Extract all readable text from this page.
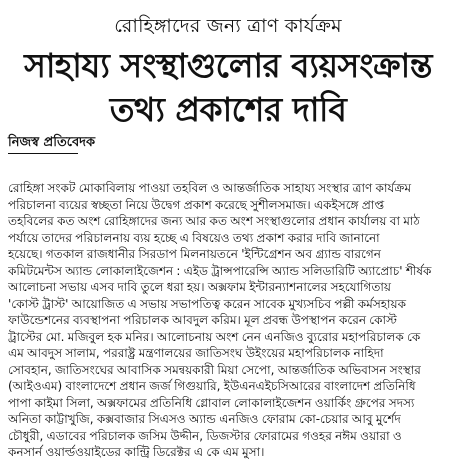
রোহিঙ্গাদের জন্য ত্রাণ কার্যক্রম
সাহায্য সংস্থাগুলোর ব্যয়সংক্রান্ত
তথ্য প্রকাশের দাবি
নিজস্ব প্রতিবেদক
রোহিঙ্গা সংকট মোকাবিলায় পাওয়া তহবিল ও আন্তর্জাতিক সাহায্য সংস্থার ত্রাণ কার্যক্রম
পরিচালনা ব্যয়ের স্বচ্ছতা নিয়ে উদ্বেগ প্রকাশ করেছে সুশীলসমাজ। একইসঙ্গে প্রাপ্ত
তহবিলের কত অংশ রোহিঙ্গাদের জন্য আর কত অংশ সংস্থাগুলোর প্রধান কার্যালয় বা মাঠ
পর্যায়ে তাদের পরিচালনায় ব্যয় হচ্ছে এ বিষয়েও তথ্য প্রকাশ করার দাবি জানানো
হয়েছে। গতকাল রাজধানীর সিরডাপ মিলনায়তনে 'ইন্টিগ্রেশন অব গ্র্যান্ড বারগেন
কমিটমেন্টস অ্যান্ড লোকালাইজেশন : এইড ট্রান্সপারেন্সি অ্যান্ড সলিডারিটি অ্যাপ্রোচ' শীর্ষক
আলোচনা সভায় এসব দাবি তুলে ধরা হয়। অক্সফাম ইন্টারন্যাশনালের সহযোগিতায়
'কোস্ট ট্রাস্ট' আয়োজিত এ সভায় সভাপতিত্ব করেন সাবেক মুখ্যসচিব পল্লী কর্মসহায়ক
ফাউন্ডেশনের ব্যবস্থাপনা পরিচালক আবদুল করিম। মূল প্রবন্ধ উপস্থাপন করেন কোস্ট
ট্রাস্টের মো. মজিবুল হক মনির। আলোচনায় অংশ নেন এনজিও ব্যুরোর মহাপরিচালক কে
এম আবদুস সালাম, পররাষ্ট্র মন্ত্রণালয়ের জাতিসংঘ উইংয়ের মহাপরিচালক নাহিদা
সোবহান, জাতিসংঘের আবাসিক সমন্বয়কারী মিয়া সেপো, আন্তর্জাতিক অভিবাসন সংস্থার
(আইওএম) বাংলাদেশে প্রধান জর্জ গিগুয়ারি, ইউএনএইচসিআরের বাংলাদেশ প্রতিনিধি
পাপা কাইমা সিলা, অক্সফামের প্রতিনিধি গ্লোবাল লোকালাইজেশন ওয়ার্কিং গ্রুপের সদস্য
অনিতা কাট্টাখুজি, কক্সবাজার সিএসও অ্যান্ড এনজিও ফোরাম কো-চেয়ার আবু মুর্শেদ
চৌধুরী, এডাবের পরিচালক জসিম উদ্দীন, ডিজস্টার ফোরামের গওহর নঈম ওয়ারা ও
কনসার্ন ওয়ার্ল্ডওয়াইডের কান্ট্রি ডিরেক্টর এ কে এম মুসা।
